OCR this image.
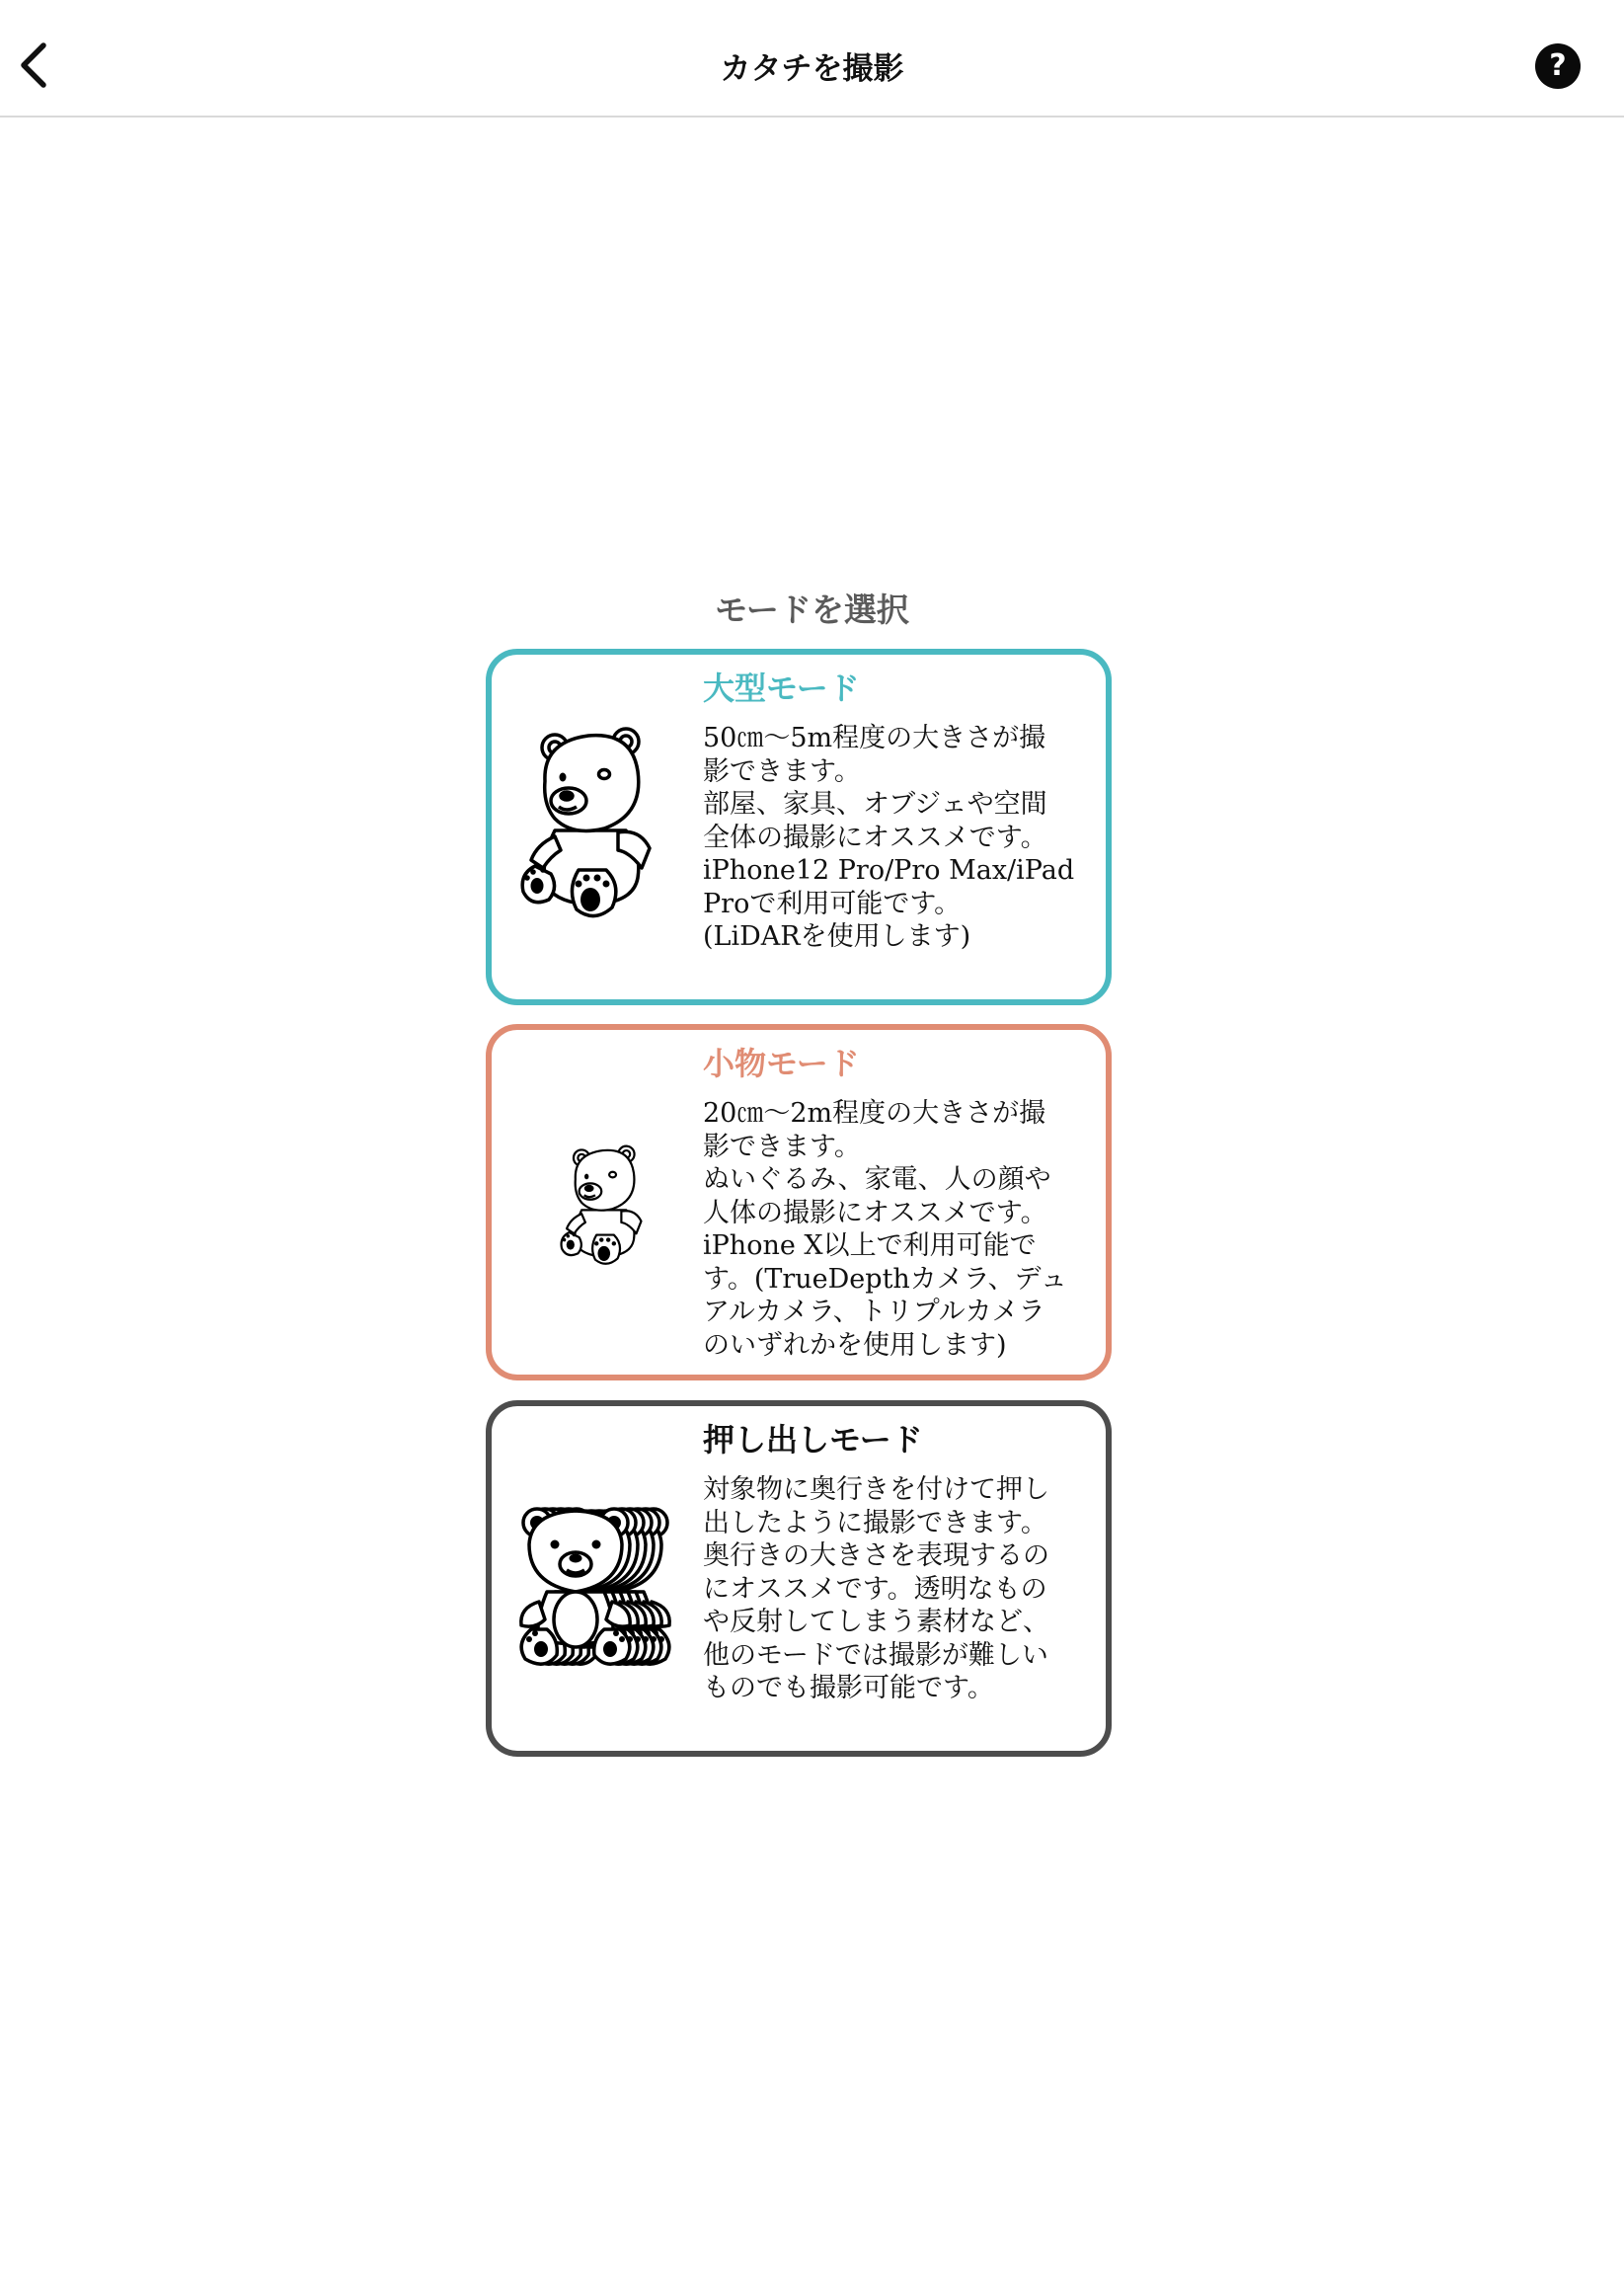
カタチを撮影	?
モードを選択
大型モード

50㎝〜5m程度の大きさが撮
影できます。
部屋、家具、オブジェや空間
全体の撮影にオススメです。
iPhone12 Pro/Pro Max/iPad
Proで利用可能です。
(LiDARを使用します)

小物モード

20㎝〜2m程度の大きさが撮
影できます。
ぬいぐるみ、家電、人の顔や
人体の撮影にオススメです。
iPhone X以上で利用可能で
す。(TrueDepthカメラ、デュ
アルカメラ、トリプルカメラ
のいずれかを使用します)

押し出しモード

対象物に奥行きを付けて押し
出したように撮影できます。
奥行きの大きさを表現するの
にオススメです。透明なもの
や反射してしまう素材など、
他のモードでは撮影が難しい
ものでも撮影可能です。
